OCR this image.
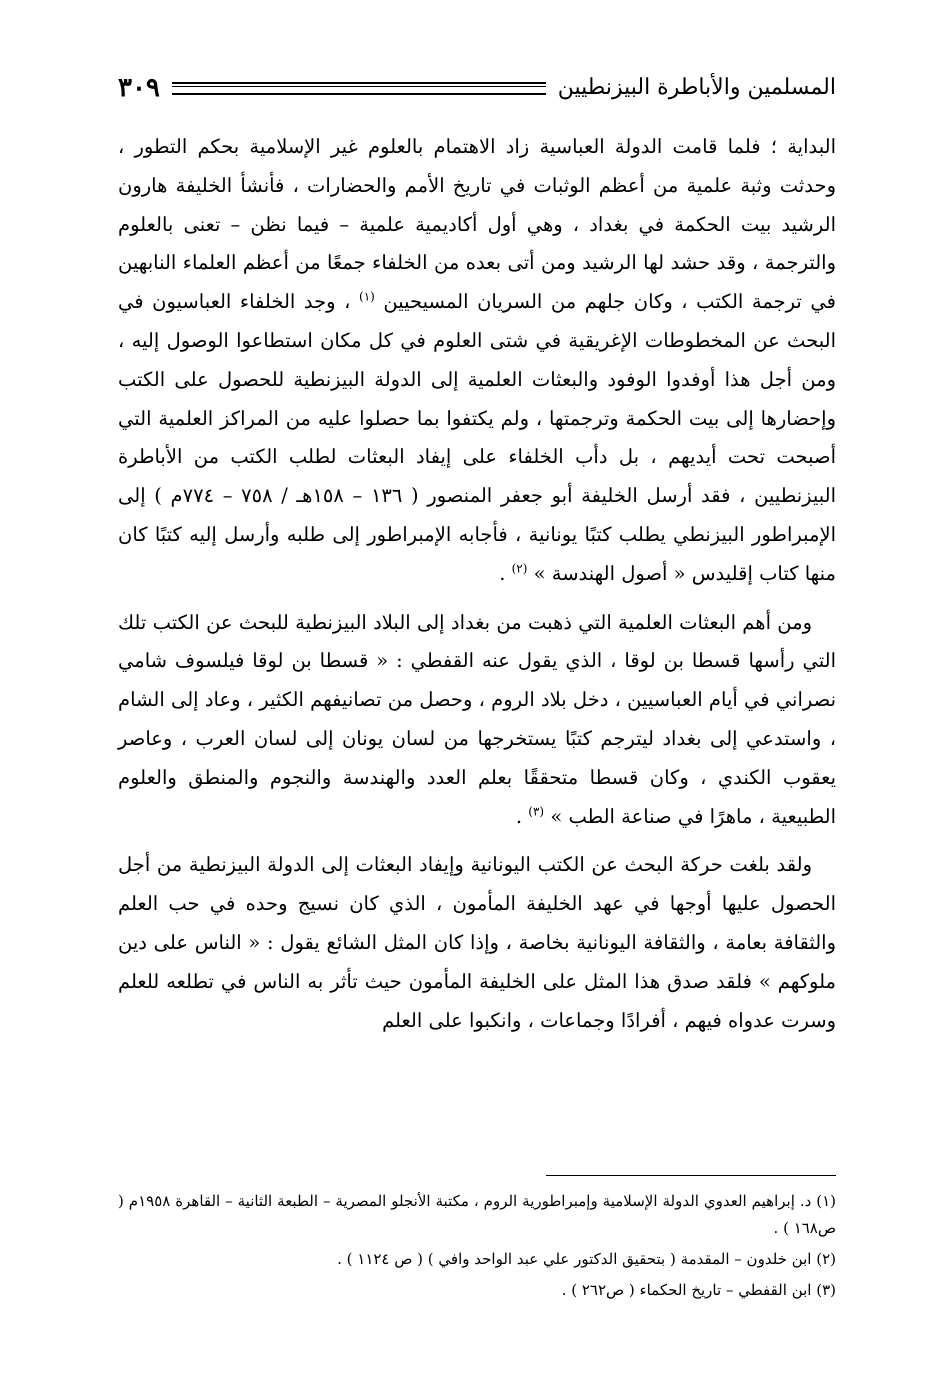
المسلمين والأباطرة البيزنطيين
٣٠٩

البداية ؛ فلما قامت الدولة العباسية زاد الاهتمام بالعلوم غير الإسلامية بحكم التطور ، وحدثت وثبة علمية من أعظم الوثبات في تاريخ الأمم والحضارات ، فأنشأ الخليفة هارون الرشيد بيت الحكمة في بغداد ، وهي أول أكاديمية علمية – فيما نظن – تعنى بالعلوم والترجمة ، وقد حشد لها الرشيد ومن أتى بعده من الخلفاء جمعًا من أعظم العلماء النابهين في ترجمة الكتب ، وكان جلهم من السريان المسيحيين $^{(١)}$ ، وجد الخلفاء العباسيون في البحث عن المخطوطات الإغريقية في شتى العلوم في كل مكان استطاعوا الوصول إليه ، ومن أجل هذا أوفدوا الوفود والبعثات العلمية إلى الدولة البيزنطية للحصول على الكتب وإحضارها إلى بيت الحكمة وترجمتها ، ولم يكتفوا بما حصلوا عليه من المراكز العلمية التي أصبحت تحت أيديهم ، بل دأب الخلفاء على إيفاد البعثات لطلب الكتب من الأباطرة البيزنطيين ، فقد أرسل الخليفة أبو جعفر المنصور ( ١٣٦ – ١٥٨هـ / ٧٥٨ – ٧٧٤م ) إلى الإمبراطور البيزنطي يطلب كتبًا يونانية ، فأجابه الإمبراطور إلى طلبه وأرسل إليه كتبًا كان منها كتاب إقليدس « أصول الهندسة » $^{(٢)}$ .

ومن أهم البعثات العلمية التي ذهبت من بغداد إلى البلاد البيزنطية للبحث عن الكتب تلك التي رأسها قسطا بن لوقا ، الذي يقول عنه القفطي : « قسطا بن لوقا فيلسوف شامي نصراني في أيام العباسيين ، دخل بلاد الروم ، وحصل من تصانيفهم الكثير ، وعاد إلى الشام ، واستدعي إلى بغداد ليترجم كتبًا يستخرجها من لسان يونان إلى لسان العرب ، وعاصر يعقوب الكندي ، وكان قسطا متحققًا بعلم العدد والهندسة والنجوم والمنطق والعلوم الطبيعية ، ماهرًا في صناعة الطب » $^{(٣)}$ .

ولقد بلغت حركة البحث عن الكتب اليونانية وإيفاد البعثات إلى الدولة البيزنطية من أجل الحصول عليها أوجها في عهد الخليفة المأمون ، الذي كان نسيج وحده في حب العلم والثقافة بعامة ، والثقافة اليونانية بخاصة ، وإذا كان المثل الشائع يقول : « الناس على دين ملوكهم » فلقد صدق هذا المثل على الخليفة المأمون حيث تأثر به الناس في تطلعه للعلم وسرت عدواه فيهم ، أفرادًا وجماعات ، وانكبوا على العلم

(١) د. إبراهيم العدوي الدولة الإسلامية وإمبراطورية الروم ، مكتبة الأنجلو المصرية – الطبعة الثانية – القاهرة ١٩٥٨م ( ص١٦٨ ) .

(٢) ابن خلدون – المقدمة ( بتحقيق الدكتور علي عبد الواحد وافي ) ( ص ١١٢٤ ) .

(٣) ابن القفطي – تاريخ الحكماء ( ص٢٦٢ ) .
